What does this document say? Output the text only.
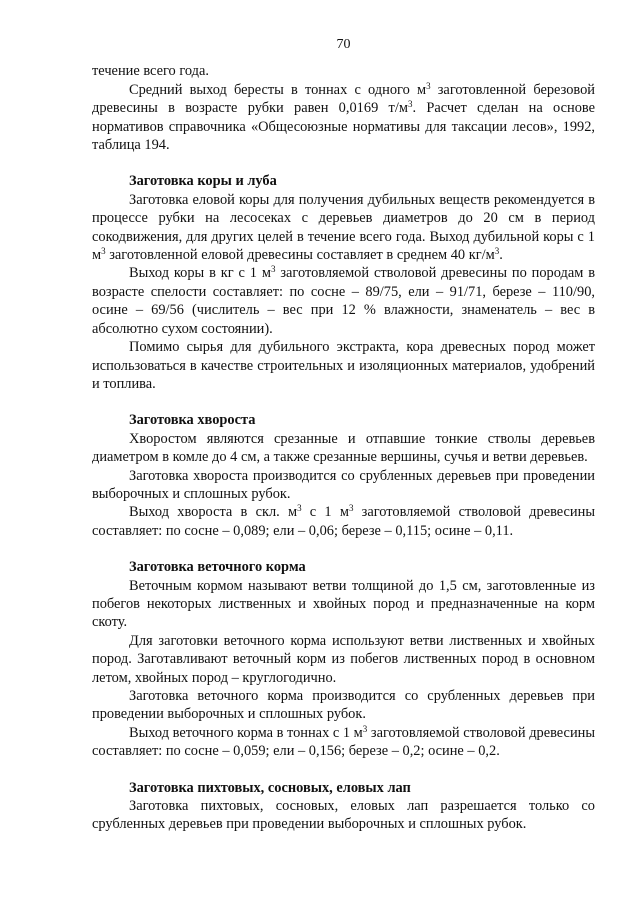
70

течение всего года.

Средний выход бересты в тоннах с одного $м^3$ заготовленной березовой древесины в возрасте рубки равен 0,0169 $т/м^3$. Расчет сделан на основе нормативов справочника «Общесоюзные нормативы для таксации лесов», 1992, таблица 194.

Заготовка коры и луба

Заготовка еловой коры для получения дубильных веществ рекомендуется в процессе рубки на лесосеках с деревьев диаметров до 20 см в период сокодвижения, для других целей в течение всего года. Выход дубильной коры с 1 $м^3$ заготовленной еловой древесины составляет в среднем 40 $кг/м^3$.

Выход коры в кг с 1 $м^3$ заготовляемой стволовой древесины по породам в возрасте спелости составляет: по сосне – 89/75, ели – 91/71, березе – 110/90, осине – 69/56 (числитель – вес при 12 % влажности, знаменатель – вес в абсолютно сухом состоянии).

Помимо сырья для дубильного экстракта, кора древесных пород может использоваться в качестве строительных и изоляционных материалов, удобрений и топлива.

Заготовка хвороста

Хворостом являются срезанные и отпавшие тонкие стволы деревьев диаметром в комле до 4 см, а также срезанные вершины, сучья и ветви деревьев.

Заготовка хвороста производится со срубленных деревьев при проведении выборочных и сплошных рубок.

Выход хвороста в скл. $м^3$ с 1 $м^3$ заготовляемой стволовой древесины составляет: по сосне – 0,089; ели – 0,06; березе – 0,115; осине – 0,11.

Заготовка веточного корма

Веточным кормом называют ветви толщиной до 1,5 см, заготовленные из побегов некоторых лиственных и хвойных пород и предназначенные на корм скоту.

Для заготовки веточного корма используют ветви лиственных и хвойных пород. Заготавливают веточный корм из побегов лиственных пород в основном летом, хвойных пород – круглогодично.

Заготовка веточного корма производится со срубленных деревьев при проведении выборочных и сплошных рубок.

Выход веточного корма в тоннах с 1 $м^3$ заготовляемой стволовой древесины составляет: по сосне – 0,059; ели – 0,156; березе – 0,2; осине – 0,2.

Заготовка пихтовых, сосновых, еловых лап

Заготовка пихтовых, сосновых, еловых лап разрешается только со срубленных деревьев при проведении выборочных и сплошных рубок.
